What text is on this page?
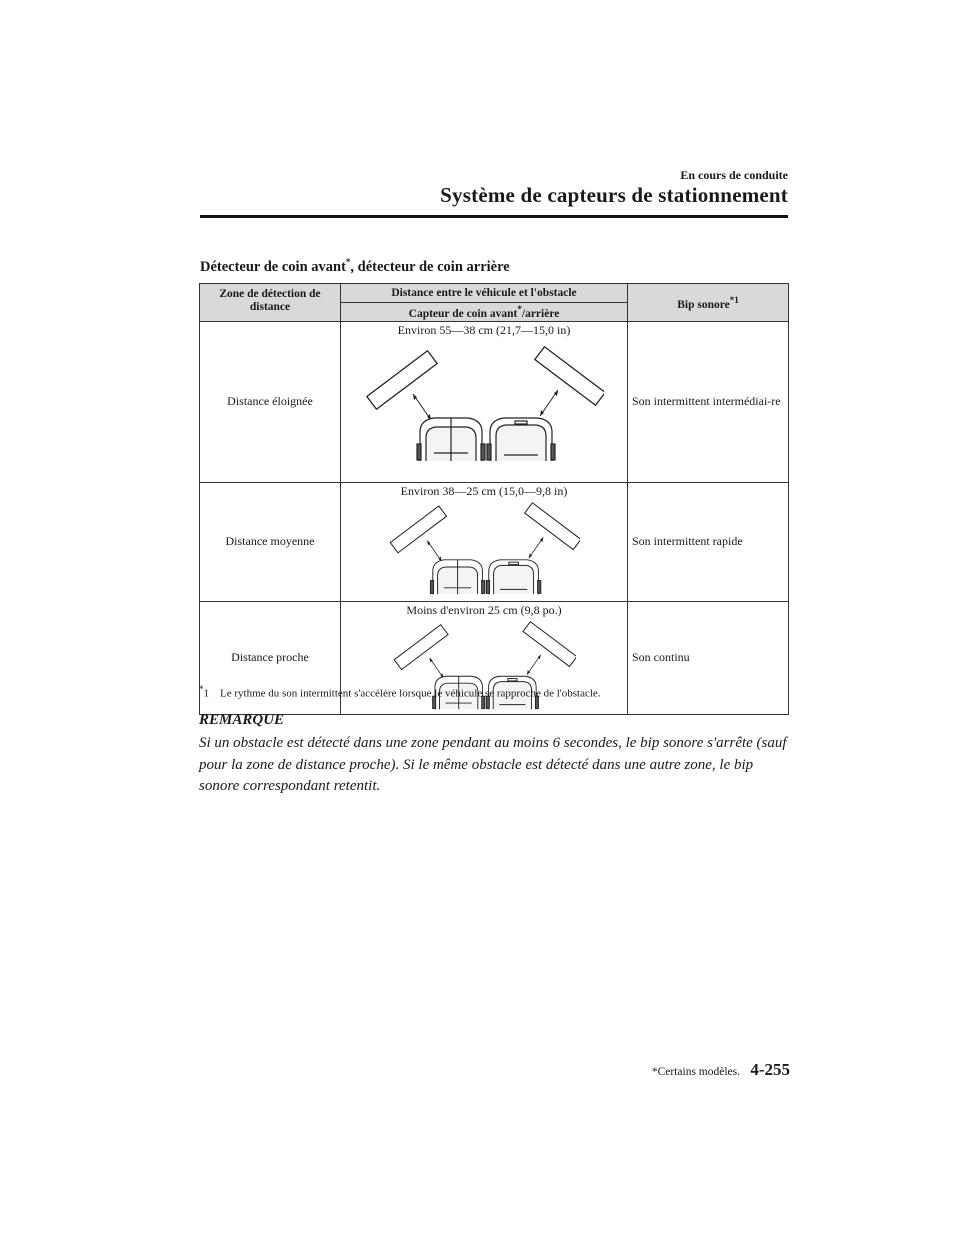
En cours de conduite
Système de capteurs de stationnement
Détecteur de coin avant*, détecteur de coin arrière
Zone de détection de distance	Distance entre le véhicule et l'obstacle	Bip sonore$^{*1}$
	Capteur de coin avant*/arrière	
Distance éloignée	Environ 55―38 cm (21,7―15,0 in)	Son intermittent intermédiai-re
Distance moyenne	Environ 38―25 cm (15,0―9,8 in)	Son intermittent rapide
Distance proche	Moins d'environ 25 cm (9,8 po.)	Son continu
*1 Le rythme du son intermittent s'accélère lorsque le véhicule se rapproche de l'obstacle.
REMARQUE
Si un obstacle est détecté dans une zone pendant au moins 6 secondes, le bip sonore s'arrête (sauf pour la zone de distance proche). Si le même obstacle est détecté dans une autre zone, le bip sonore correspondant retentit.
*Certains modèles. 4-255
